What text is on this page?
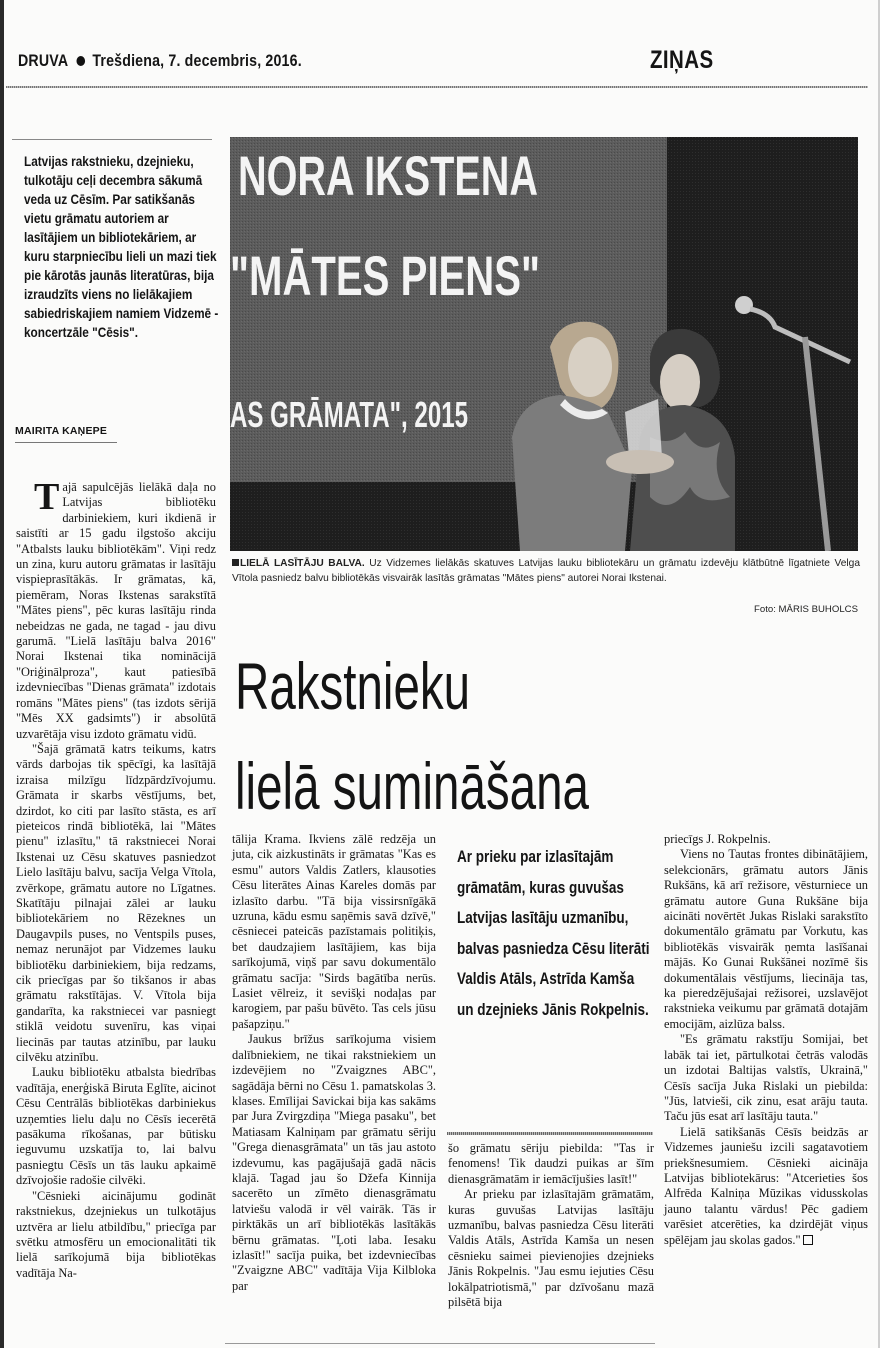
DRUVA Trešdiena, 7. decembris, 2016.	ZIŅAS
Latvijas rakstnieku, dzejnieku, tulkotāju ceļi decembra sākumā veda uz Cēsīm. Par satikšanās vietu grāmatu autoriem ar lasītājiem un bibliotekāriem, ar kuru starpniecību lieli un mazi tiek pie kārotās jaunās literatūras, bija izraudzīts viens no lielākajiem sabiedriskajiem namiem Vidzemē - koncertzāle "Cēsis".
MAIRITA KAŅEPE
NORA IKSTENA
"MĀTES PIENS"
AS GRĀMATA", 2015
LIELĀ LASĪTĀJU BALVA. Uz Vidzemes lielākās skatuves Latvijas lauku bibliotekāru un grāmatu izdevēju klātbūtnē līgatniete Velga Vītola pasniedz balvu bibliotēkās visvairāk lasītās grāmatas "Mātes piens" autorei Norai Ikstenai.
Foto: MĀRIS BUHOLCS
Rakstnieku
lielā sumināšana

Tajā sapulcējās lielākā daļa no Latvijas bibliotēku darbiniekiem, kuri ikdienā ir saistīti ar 15 gadu ilgstošo akciju "Atbalsts lauku bibliotēkām". Viņi redz un zina, kuru autoru grāmatas ir lasītāju vispieprasītākās. Ir grāmatas, kā, piemēram, Noras Ikstenas sarakstītā "Mātes piens", pēc kuras lasītāju rinda nebeidzas ne gada, ne tagad - jau divu garumā. "Lielā lasītāju balva 2016" Norai Ikstenai tika nominācijā "Oriģinālproza", kaut patiesībā izdevniecības "Dienas grāmata" izdotais romāns "Mātes piens" (tas izdots sērijā "Mēs XX gadsimts") ir absolūtā uzvarētāja visu izdoto grāmatu vidū.

"Šajā grāmatā katrs teikums, katrs vārds darbojas tik spēcīgi, ka lasītājā izraisa milzīgu līdzpārdzīvojumu. Grāmata ir skarbs vēstījums, bet, dzirdot, ko citi par lasīto stāsta, es arī pieteicos rindā bibliotēkā, lai "Mātes pienu" izlasītu," tā rakstniecei Norai Ikstenai uz Cēsu skatuves pasniedzot Lielo lasītāju balvu, sacīja Velga Vītola, zvērkope, grāmatu autore no Līgatnes. Skatītāju pilnajai zālei ar lauku bibliotekāriem no Rēzeknes un Daugavpils puses, no Ventspils puses, nemaz nerunājot par Vidzemes lauku bibliotēku darbiniekiem, bija redzams, cik priecīgas par šo tikšanos ir abas grāmatu rakstītājas. V. Vītola bija gandarīta, ka rakstniecei var pasniegt stiklā veidotu suvenīru, kas viņai liecinās par tautas atzinību, par lauku cilvēku atzinību.

Lauku bibliotēku atbalsta biedrības vadītāja, enerģiskā Biruta Eglīte, aicinot Cēsu Centrālās bibliotēkas darbiniekus uzņemties lielu daļu no Cēsīs iecerētā pasākuma rīkošanas, par būtisku ieguvumu uzskatīja to, lai balvu pasniegtu Cēsīs un tās lauku apkaimē dzīvojošie radošie cilvēki.

"Cēsnieki aicinājumu godināt rakstniekus, dzejniekus un tulkotājus uztvēra ar lielu atbildību," priecīga par svētku atmosfēru un emocionalitāti tik lielā sarīkojumā bija bibliotēkas vadītāja Na-

tālija Krama. Ikviens zālē redzēja un juta, cik aizkustināts ir grāmatas "Kas es esmu" autors Valdis Zatlers, klausoties Cēsu literātes Ainas Kareles domās par izlasīto darbu. "Tā bija vissirsnīgākā uzruna, kādu esmu saņēmis savā dzīvē," cēsniecei pateicās pazīstamais politiķis, bet daudzajiem lasītājiem, kas bija sarīkojumā, viņš par savu dokumentālo grāmatu sacīja: "Sirds bagātība nerūs. Lasiet vēlreiz, it sevišķi nodaļas par karogiem, par pašu būvēto. Tas cels jūsu pašapziņu."

Jaukus brīžus sarīkojuma visiem dalībniekiem, ne tikai rakstniekiem un izdevējiem no "Zvaigznes ABC", sagādāja bērni no Cēsu 1. pamatskolas 3. klases. Emīlijai Savickai bija kas sakāms par Jura Zvirgzdiņa "Miega pasaku", bet Matiasam Kalniņam par grāmatu sēriju "Grega dienasgrāmata" un tās jau astoto izdevumu, kas pagājušajā gadā nācis klajā. Tagad jau šo Džefa Kinnija sacerēto un zīmēto dienasgrāmatu latviešu valodā ir vēl vairāk. Tās ir pirktākās un arī bibliotēkās lasītākās bērnu grāmatas. "Ļoti laba. Iesaku izlasīt!" sacīja puika, bet izdevniecības "Zvaigzne ABC" vadītāja Vija Kilbloka par

Ar prieku par izlasītajām grāmatām, kuras guvušas Latvijas lasītāju uzmanību, balvas pasniedza Cēsu literāti Valdis Atāls, Astrīda Kamša un dzejnieks Jānis Rokpelnis.

šo grāmatu sēriju piebilda: "Tas ir fenomens! Tik daudzi puikas ar šīm dienasgrāmatām ir iemācījušies lasīt!"

Ar prieku par izlasītajām grāmatām, kuras guvušas Latvijas lasītāju uzmanību, balvas pasniedza Cēsu literāti Valdis Atāls, Astrīda Kamša un nesen cēsnieku saimei pievienojies dzejnieks Jānis Rokpelnis. "Jau esmu iejuties Cēsu lokālpatriotismā," par dzīvošanu mazā pilsētā bija

priecīgs J. Rokpelnis.

Viens no Tautas frontes dibinātājiem, selekcionārs, grāmatu autors Jānis Rukšāns, kā arī režisore, vēsturniece un grāmatu autore Guna Rukšāne bija aicināti novērtēt Jukas Rislaki sarakstīto dokumentālo grāmatu par Vorkutu, kas bibliotēkās visvairāk ņemta lasīšanai mājās. Ko Gunai Rukšānei nozīmē šis dokumentālais vēstījums, liecināja tas, ka pieredzējušajai režisorei, uzslavējot rakstnieka veikumu par grāmatā dotajām emocijām, aizlūza balss.

"Es grāmatu rakstīju Somijai, bet labāk tai iet, pārtulkotai četrās valodās un izdotai Baltijas valstīs, Ukrainā," Cēsīs sacīja Juka Rislaki un piebilda: "Jūs, latvieši, cik zinu, esat arāju tauta. Taču jūs esat arī lasītāju tauta."

Lielā satikšanās Cēsīs beidzās ar Vidzemes jauniešu izcili sagatavotiem priekšnesumiem. Cēsnieki aicināja Latvijas bibliotekārus: "Atcerieties šos Alfrēda Kalniņa Mūzikas vidusskolas jauno talantu vārdus! Pēc gadiem varēsiet atcerēties, ka dzirdējāt viņus spēlējam jau skolas gados."
